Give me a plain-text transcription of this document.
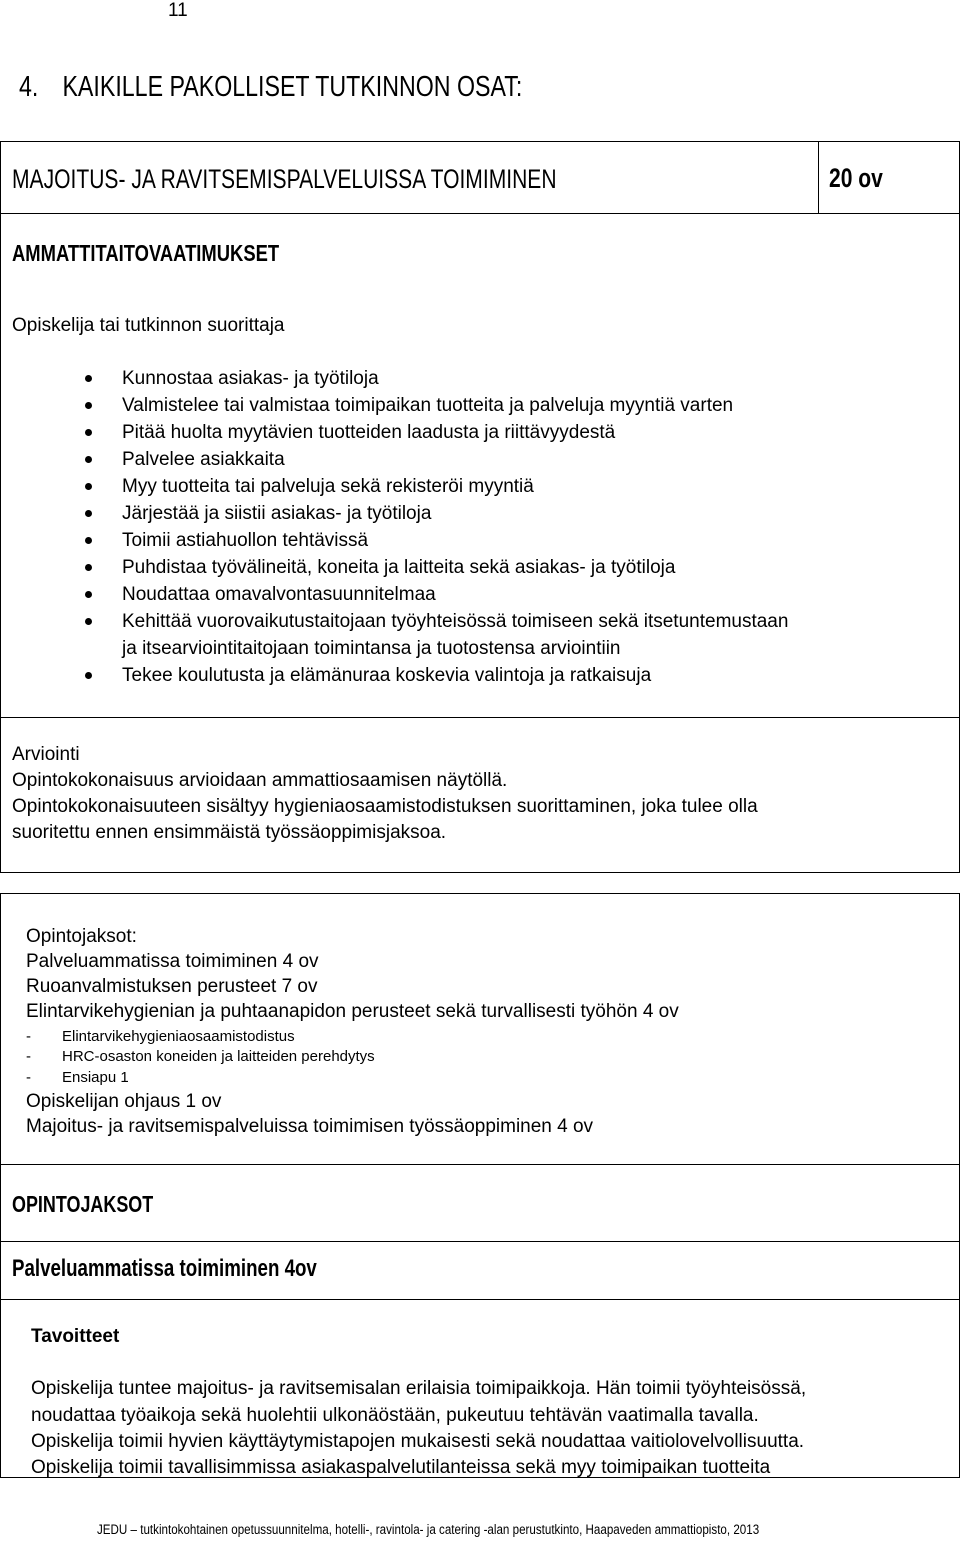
11
4. KAIKILLE PAKOLLISET TUTKINNON OSAT:
MAJOITUS- JA RAVITSEMISPALVELUISSA TOIMIMINEN	20 ov
AMMATTITAITOVAATIMUKSET
Opiskelija tai tutkinnon suorittaja
Kunnostaa asiakas- ja työtiloja
Valmistelee tai valmistaa toimipaikan tuotteita ja palveluja myyntiä varten
Pitää huolta myytävien tuotteiden laadusta ja riittävyydestä
Palvelee asiakkaita
Myy tuotteita tai palveluja sekä rekisteröi myyntiä
Järjestää ja siistii asiakas- ja työtiloja
Toimii astiahuollon tehtävissä
Puhdistaa työvälineitä, koneita ja laitteita sekä asiakas- ja työtiloja
Noudattaa omavalvontasuunnitelmaa
Kehittää vuorovaikutustaitojaan työyhteisössä toimiseen sekä itsetuntemustaan
ja itsearviointitaitojaan toimintansa ja tuotostensa arviointiin
Tekee koulutusta ja elämänuraa koskevia valintoja ja ratkaisuja
Arviointi
Opintokokonaisuus arvioidaan ammattiosaamisen näytöllä.
Opintokokonaisuuteen sisältyy hygieniaosaamistodistuksen suorittaminen, joka tulee olla
suoritettu ennen ensimmäistä työssäoppimisjaksoa.
Opintojaksot:
Palveluammatissa toimiminen 4 ov
Ruoanvalmistuksen perusteet 7 ov
Elintarvikehygienian ja puhtaanapidon perusteet sekä turvallisesti työhön 4 ov
- Elintarvikehygieniaosaamistodistus
- HRC-osaston koneiden ja laitteiden perehdytys
- Ensiapu 1
Opiskelijan ohjaus 1 ov
Majoitus- ja ravitsemispalveluissa toimimisen työssäoppiminen 4 ov
OPINTOJAKSOT
Palveluammatissa toimiminen 4ov
Tavoitteet
Opiskelija tuntee majoitus- ja ravitsemisalan erilaisia toimipaikkoja. Hän toimii työyhteisössä,
noudattaa työaikoja sekä huolehtii ulkonäöstään, pukeutuu tehtävän vaatimalla tavalla.
Opiskelija toimii hyvien käyttäytymistapojen mukaisesti sekä noudattaa vaitiolovelvollisuutta.
Opiskelija toimii tavallisimmissa asiakaspalvelutilanteissa sekä myy toimipaikan tuotteita
JEDU – tutkintokohtainen opetussuunnitelma, hotelli-, ravintola- ja catering -alan perustutkinto, Haapaveden ammattiopisto, 2013
